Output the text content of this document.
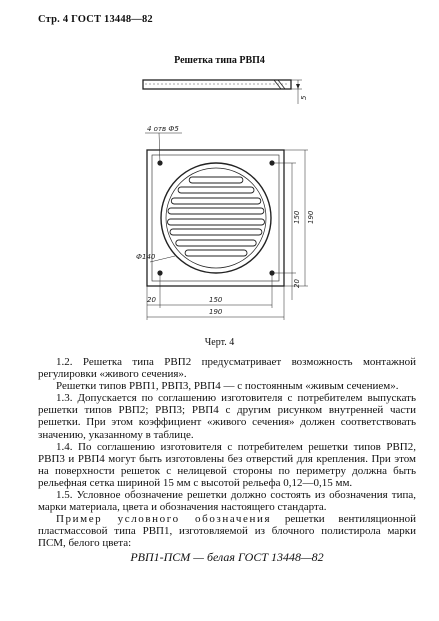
Стр. 4 ГОСТ 13448—82
Решетка типа РВП4
5
4 отв Ф5
150 190
20
Ф140
20	150
190
Черт. 4

1.2. Решетка типа РВП2 предусматривает возможность монтажной регулировки «живого сечения».

Решетки типов РВП1, РВП3, РВП4 — с постоянным «живым сечением».

1.3. Допускается по соглашению изготовителя с потребителем выпускать решетки типов РВП2; РВП3; РВП4 с другим рисунком внутренней части решетки. При этом коэффициент «живого сечения» должен соответствовать значению, указанному в таблице.

1.4. По соглашению изготовителя с потребителем решетки типов РВП2, РВП3 и РВП4 могут быть изготовлены без отверстий для крепления. При этом на поверхности решеток с нелицевой стороны по периметру должна быть рельефная сетка шириной 15 мм с высотой рельефа 0,12—0,15 мм.

1.5. Условное обозначение решетки должно состоять из обозначения типа, марки материала, цвета и обозначения настоящего стандарта.

Пример условного обозначения решетки вентиляционной пластмассовой типа РВП1, изготовляемой из блочного полистирола марки ПСМ, белого цвета:

РВП1-ПСМ — белая ГОСТ 13448—82
